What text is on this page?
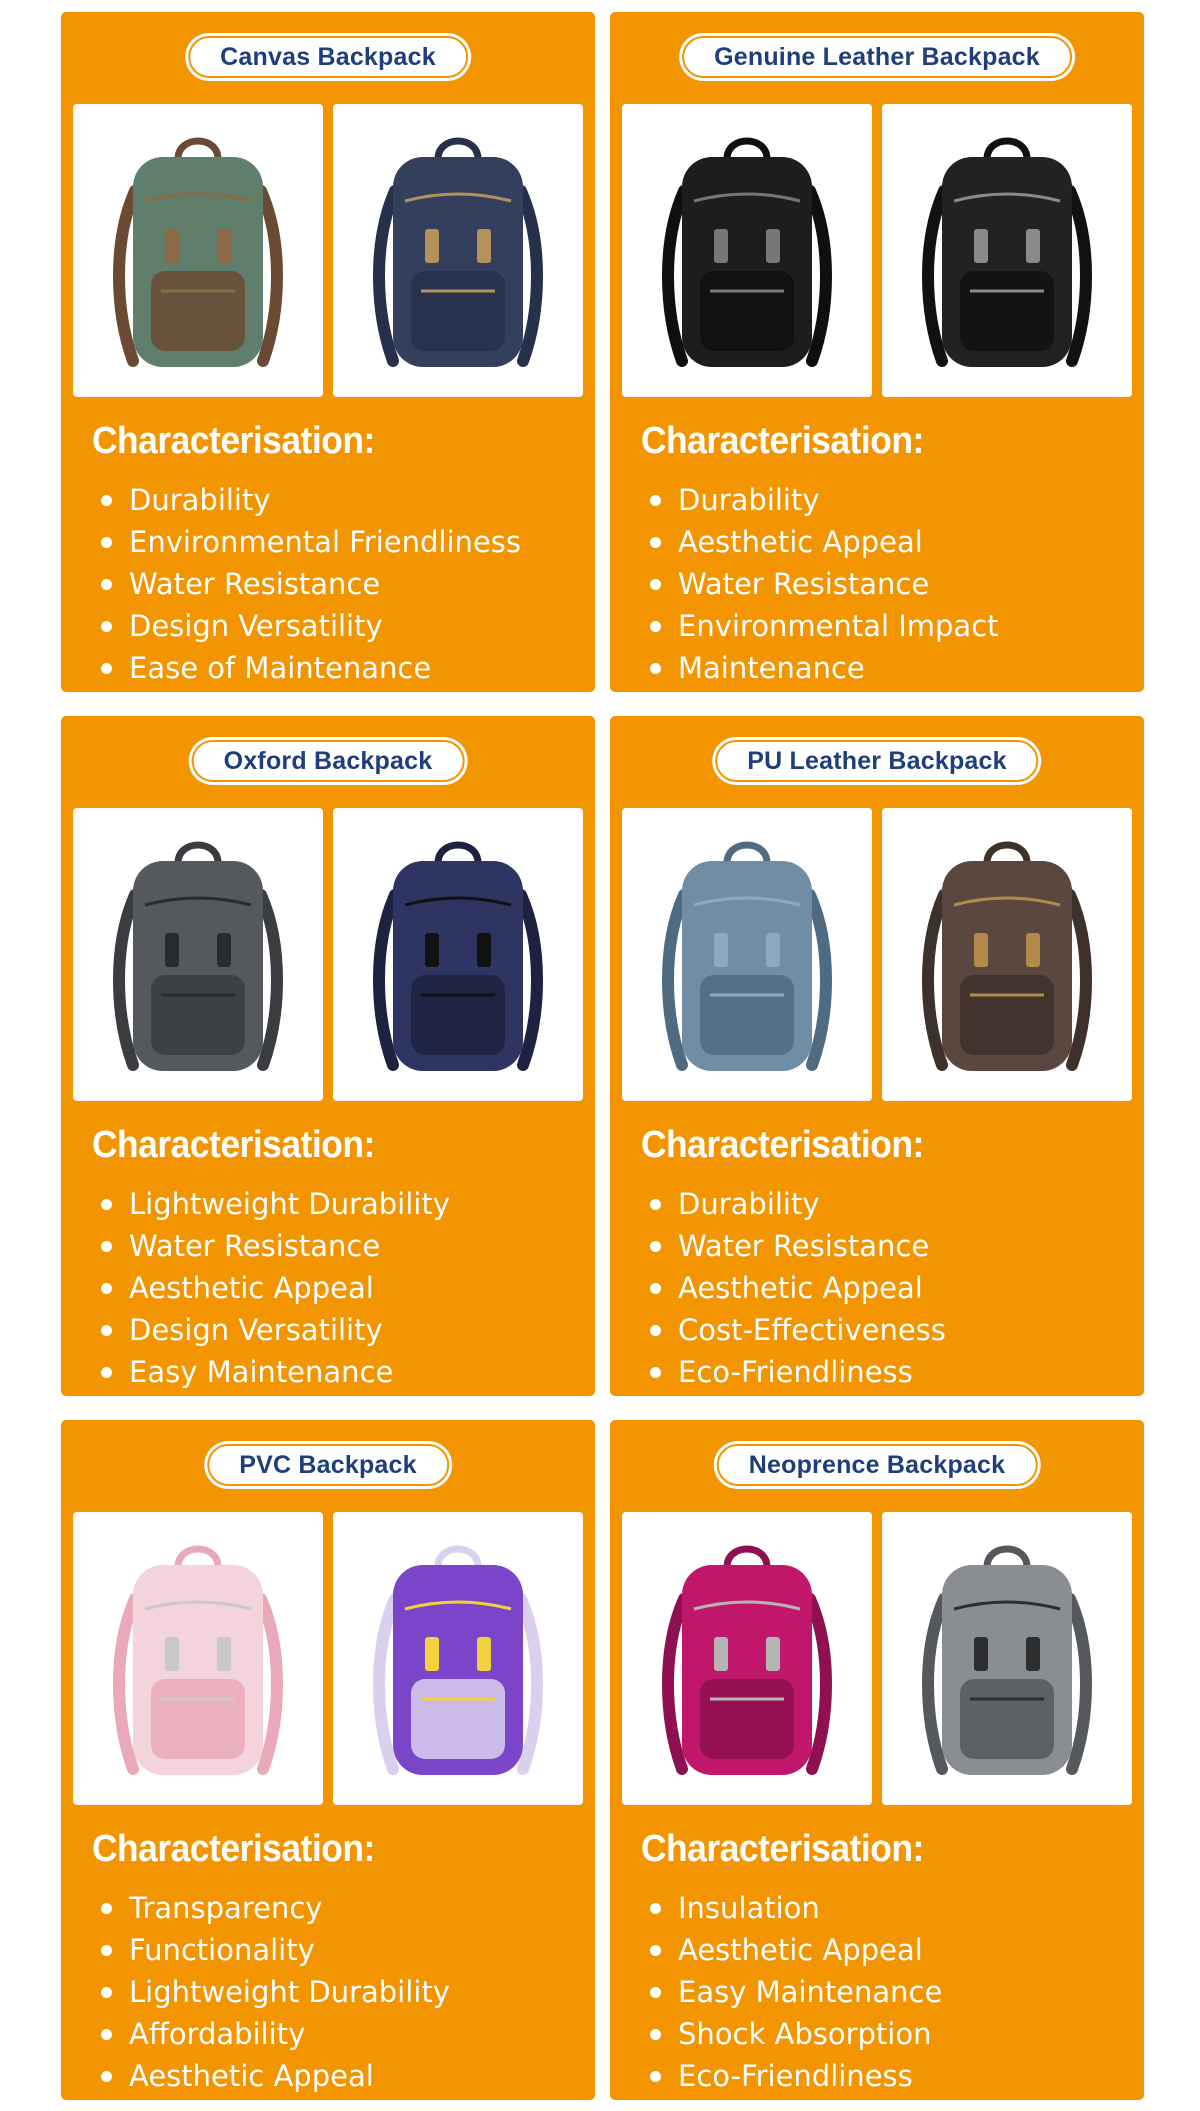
Canvas Backpack
Characterisation:
Durability
Environmental Friendliness
Water Resistance
Design Versatility
Ease of Maintenance
Genuine Leather Backpack
Characterisation:
Durability
Aesthetic Appeal
Water Resistance
Environmental Impact
Maintenance
Oxford Backpack
Characterisation:
Lightweight Durability
Water Resistance
Aesthetic Appeal
Design Versatility
Easy Maintenance
PU Leather Backpack
Characterisation:
Durability
Water Resistance
Aesthetic Appeal
Cost-Effectiveness
Eco-Friendliness
PVC Backpack
Characterisation:
Transparency
Functionality
Lightweight Durability
Affordability
Aesthetic Appeal
Neoprence Backpack
Characterisation:
Insulation
Aesthetic Appeal
Easy Maintenance
Shock Absorption
Eco-Friendliness
